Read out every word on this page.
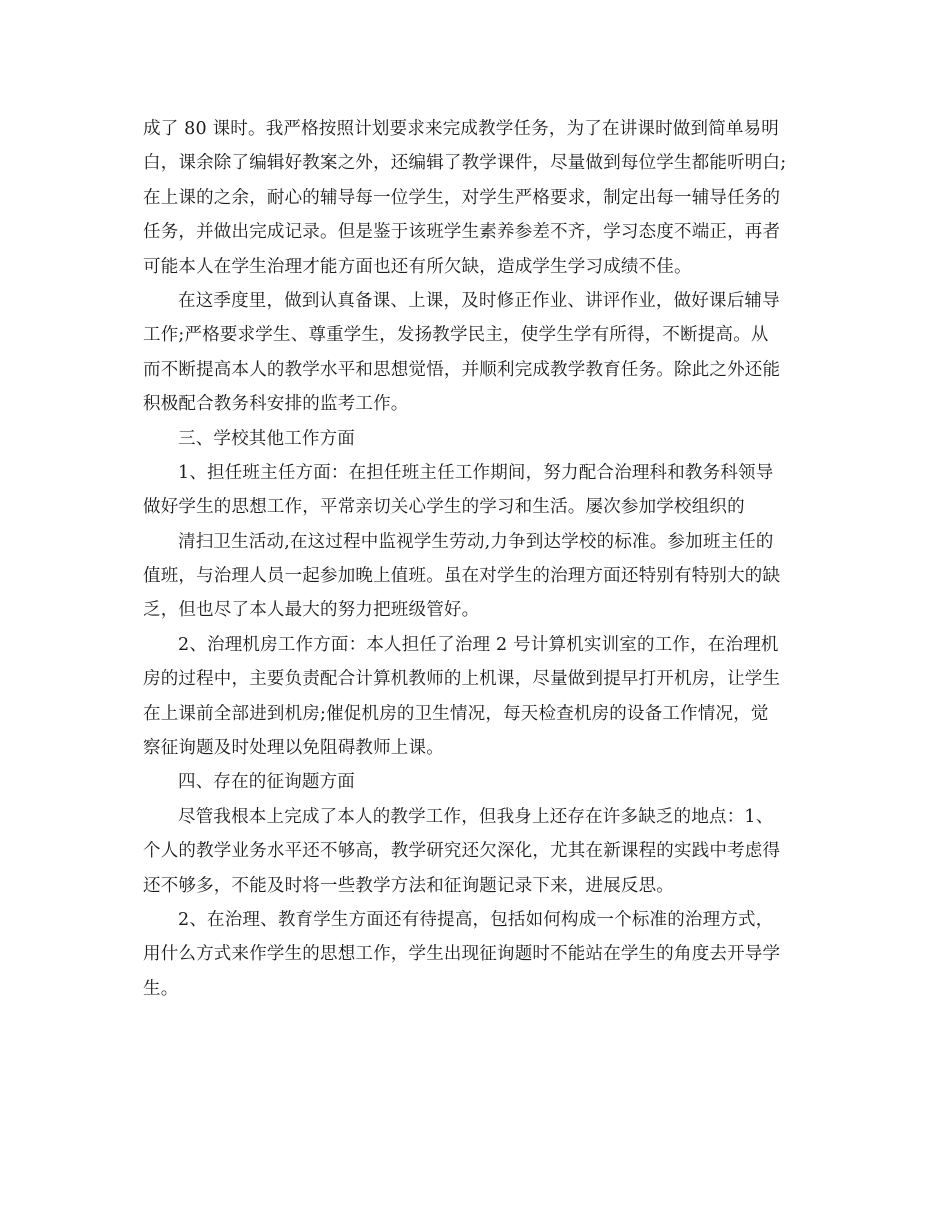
成了 80 课时。我严格按照计划要求来完成教学任务，为了在讲课时做到简单易明
白，课余除了编辑好教案之外，还编辑了教学课件，尽量做到每位学生都能听明白;
在上课的之余，耐心的辅导每一位学生，对学生严格要求，制定出每一辅导任务的
任务，并做出完成记录。但是鉴于该班学生素养参差不齐，学习态度不端正，再者
可能本人在学生治理才能方面也还有所欠缺，造成学生学习成绩不佳。
在这季度里，做到认真备课、上课，及时修正作业、讲评作业，做好课后辅导
工作;严格要求学生、尊重学生，发扬教学民主，使学生学有所得，不断提高。从
而不断提高本人的教学水平和思想觉悟，并顺利完成教学教育任务。除此之外还能
积极配合教务科安排的监考工作。
三、学校其他工作方面
1、担任班主任方面：在担任班主任工作期间，努力配合治理科和教务科领导
做好学生的思想工作，平常亲切关心学生的学习和生活。屡次参加学校组织的
清扫卫生活动,在这过程中监视学生劳动,力争到达学校的标准。参加班主任的
值班，与治理人员一起参加晚上值班。虽在对学生的治理方面还特别有特别大的缺
乏，但也尽了本人最大的努力把班级管好。
2、治理机房工作方面：本人担任了治理 2 号计算机实训室的工作，在治理机
房的过程中，主要负责配合计算机教师的上机课，尽量做到提早打开机房，让学生
在上课前全部进到机房;催促机房的卫生情况，每天检查机房的设备工作情况，觉
察征询题及时处理以免阻碍教师上课。
四、存在的征询题方面
尽管我根本上完成了本人的教学工作，但我身上还存在许多缺乏的地点：1、
个人的教学业务水平还不够高，教学研究还欠深化，尤其在新课程的实践中考虑得
还不够多，不能及时将一些教学方法和征询题记录下来，进展反思。
2、在治理、教育学生方面还有待提高，包括如何构成一个标准的治理方式，
用什么方式来作学生的思想工作，学生出现征询题时不能站在学生的角度去开导学
生。
